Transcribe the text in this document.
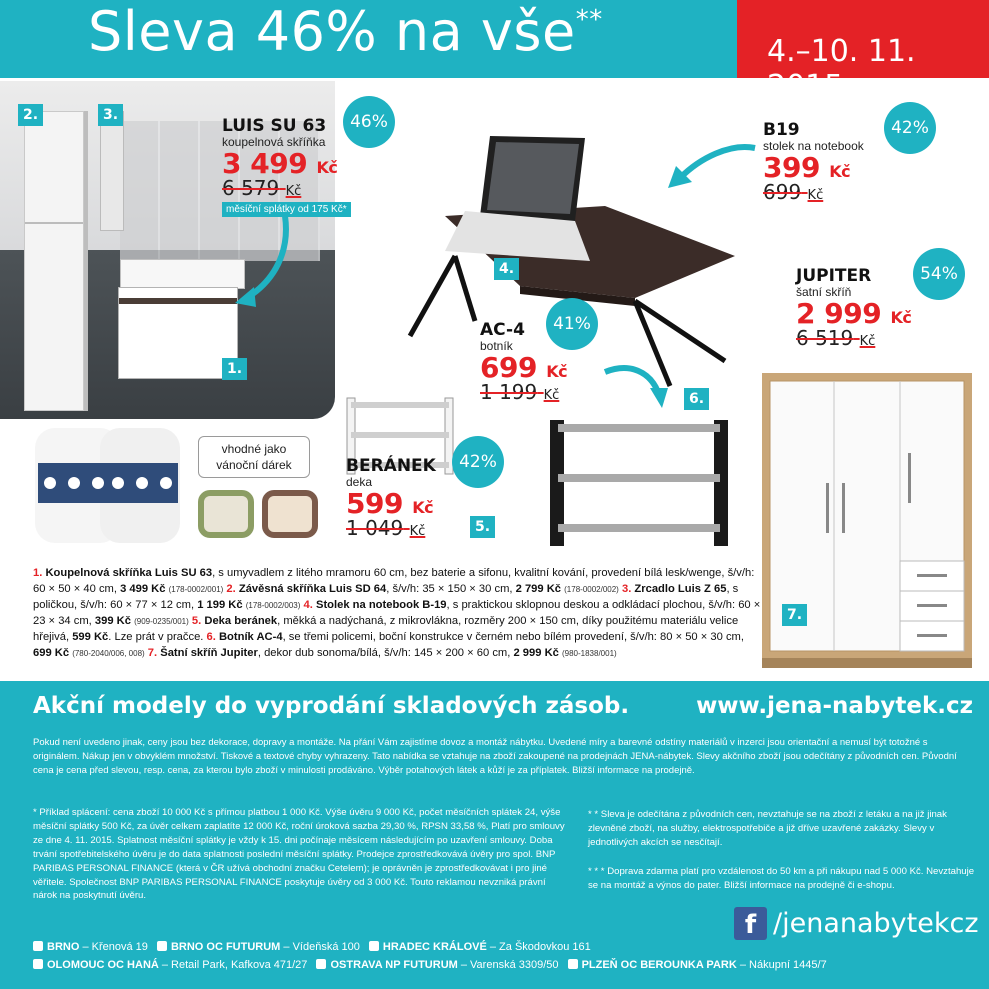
Sleva 46% na vše**
4.–10. 11.
2.	3.
1.
LUIS SU 63
koupelnová skříňka
3 499 Kč
6 579 Kč
měsíční splátky od 175 Kč*
46%
4.
B19
stolek na notebook
399 Kč
699 Kč
42%
JUPITER
šatní skříň
2 999 Kč
6 519 Kč
54%
AC-4
botník
699 Kč
1 199 Kč
41%
6.
7.
vhodné jako vánoční dárek	BERÁNEK
deka
599 Kč
1 049 Kč
42%
5.
1. Koupelnová skříňka Luis SU 63, s umyvadlem z litého mramoru 60 cm, bez baterie a sifonu, kvalitní kování, provedení bílá lesk/wenge, š/v/h: 60 × 50 × 40 cm, 3 499 Kč (178-0002/001) 2. Závěsná skříňka Luis SD 64, š/v/h: 35 × 150 × 30 cm, 2 799 Kč (178-0002/002) 3. Zrcadlo Luis Z 65, s poličkou, š/v/h: 60 × 77 × 12 cm, 1 199 Kč (178-0002/003) 4. Stolek na notebook B-19, s praktickou sklopnou deskou a odkládací plochou, š/v/h: 60 × 23 × 34 cm, 399 Kč (909-0235/001) 5. Deka beránek, měkká a nadýchaná, z mikrovlákna, rozměry 200 × 150 cm, díky použitému materiálu velice hřejivá, 599 Kč. Lze prát v pračce. 6. Botník AC-4, se třemi policemi, boční konstrukce v černém nebo bílém provedení, š/v/h: 80 × 50 × 30 cm, 699 Kč (780-2040/006, 008) 7. Šatní skříň Jupiter, dekor dub sonoma/bílá, š/v/h: 145 × 200 × 60 cm, 2 999 Kč (980-1838/001)
Akční modely do vyprodání skladových zásob.	www.jena-nabytek.cz
Pokud není uvedeno jinak, ceny jsou bez dekorace, dopravy a montáže. Na přání Vám zajistíme dovoz a montáž nábytku. Uvedené míry a barevné odstíny materiálů v inzerci jsou orientační a nemusí být totožné s originálem. Nákup jen v obvyklém množství. Tiskové a textové chyby vyhrazeny. Tato nabídka se vztahuje na zboží zakoupené na prodejnách JENA-nábytek. Slevy akčního zboží jsou odečítány z původních cen. Původní cena je cena před slevou, resp. cena, za kterou bylo zboží v minulosti prodáváno. Výběr potahových látek a kůží je za příplatek. Bližší informace na prodejně.
* Příklad splácení: cena zboží 10 000 Kč s přímou platbou 1 000 Kč. Výše úvěru 9 000 Kč, počet měsíčních splátek 24, výše měsíční splátky 500 Kč, za úvěr celkem zaplatíte 12 000 Kč, roční úroková sazba 29,30 %, RPSN 33,58 %, Platí pro smlouvy ze dne 4. 11. 2015. Splatnost měsíční splátky je vždy k 15. dni počínaje měsícem následujícím po uzavření smlouvy. Doba trvání spotřebitelského úvěru je do data splatnosti poslední měsíční splátky. Prodejce zprostředkovává úvěry pro spol. BNP PARIBAS PERSONAL FINANCE (která v ČR užívá obchodní značku Cetelem); je oprávněn je zprostředkovávat i pro jiné věřitele. Společnost BNP PARIBAS PERSONAL FINANCE poskytuje úvěry od 3 000 Kč. Touto reklamou nevzniká právní nárok na poskytnutí úvěru.
* * Sleva je odečítána z původních cen, nevztahuje se na zboží z letáku a na již jinak zlevněné zboží, na služby, elektrospotřebiče a již dříve uzavřené zakázky. Slevy v jednotlivých akcích se nesčítají.
* * * Doprava zdarma platí pro vzdálenost do 50 km a při nákupu nad 5 000 Kč. Nevztahuje se na montáž a výnos do pater. Bližší informace na prodejně či e-shopu.
f /jenanabytekcz
BRNO – Křenová 19 BRNO OC FUTURUM – Vídeňská 100 HRADEC KRÁLOVÉ – Za Škodovkou 161
OLOMOUC OC HANÁ – Retail Park, Kafkova 471/27 OSTRAVA NP FUTURUM – Varenská 3309/50 PLZEŇ OC BEROUNKA PARK – Nákupní 1445/7
